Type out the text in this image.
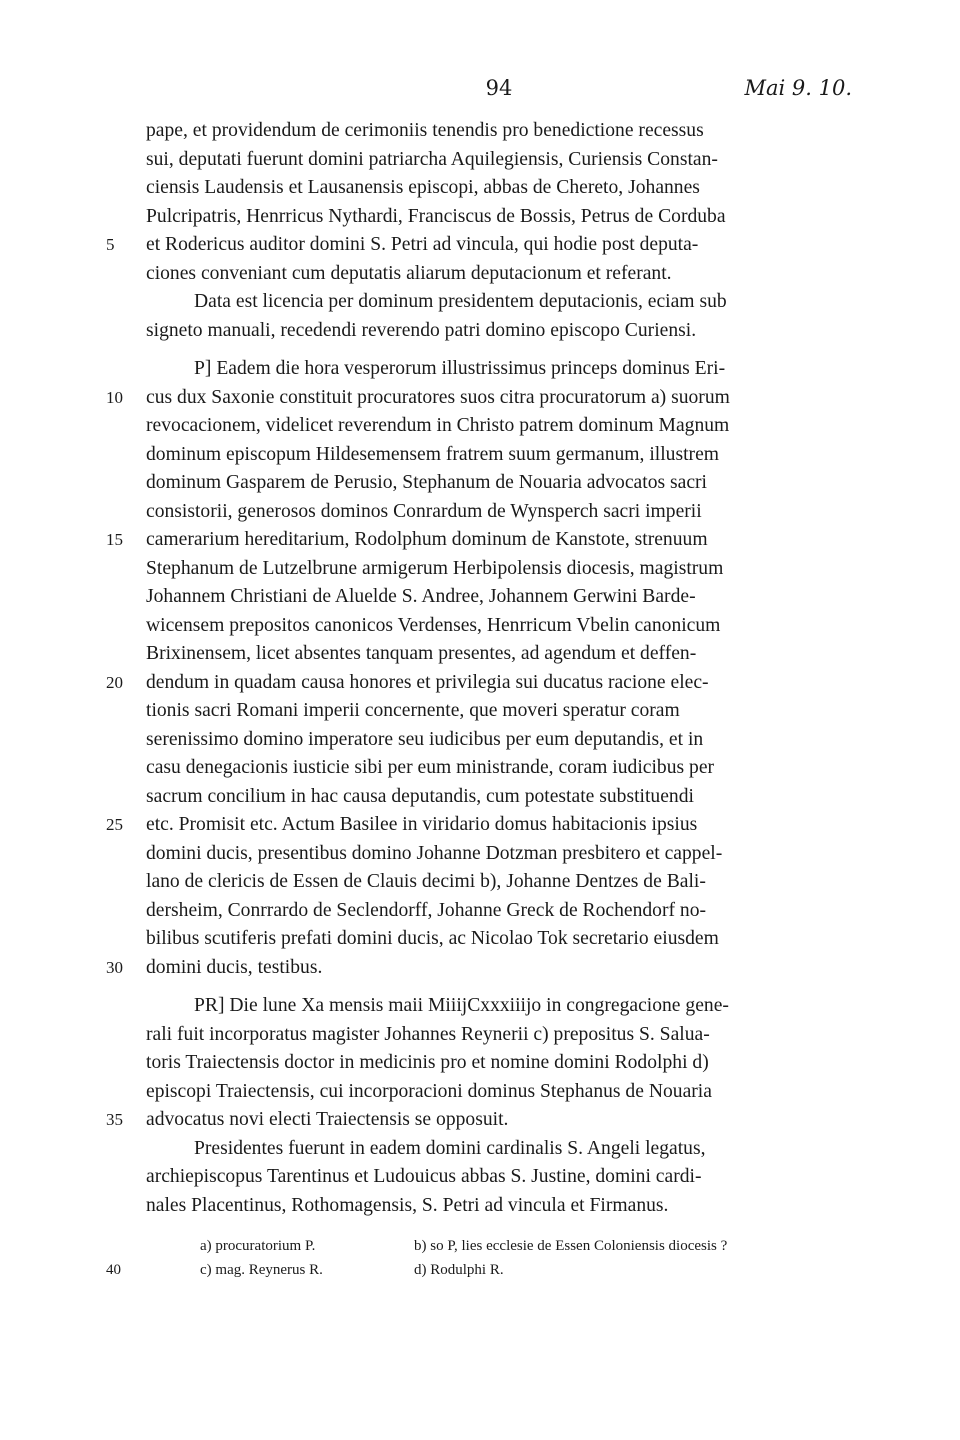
94	Mai 9. 10.
pape, et providendum de cerimoniis tenendis pro benedictione recessus
sui, deputati fuerunt domini patriarcha Aquilegiensis, Curiensis Constan-
ciensis Laudensis et Lausanensis episcopi, abbas de Chereto, Johannes
Pulcripatris, Henrricus Nythardi, Franciscus de Bossis, Petrus de Corduba
5	et Rodericus auditor domini S. Petri ad vincula, qui hodie post deputa-
ciones conveniant cum deputatis aliarum deputacionum et referant.
Data est licencia per dominum presidentem deputacionis, eciam sub
signeto manuali, recedendi reverendo patri domino episcopo Curiensi.
P] Eadem die hora vesperorum illustrissimus princeps dominus Eri-
10	cus dux Saxonie constituit procuratores suos citra procuratorum a) suorum
revocacionem, videlicet reverendum in Christo patrem dominum Magnum
dominum episcopum Hildesemensem fratrem suum germanum, illustrem
dominum Gasparem de Perusio, Stephanum de Nouaria advocatos sacri
consistorii, generosos dominos Conrardum de Wynsperch sacri imperii
15	camerarium hereditarium, Rodolphum dominum de Kanstote, strenuum
Stephanum de Lutzelbrune armigerum Herbipolensis diocesis, magistrum
Johannem Christiani de Aluelde S. Andree, Johannem Gerwini Barde-
wicensem prepositos canonicos Verdenses, Henrricum Vbelin canonicum
Brixinensem, licet absentes tanquam presentes, ad agendum et deffen-
20	dendum in quadam causa honores et privilegia sui ducatus racione elec-
tionis sacri Romani imperii concernente, que moveri speratur coram
serenissimo domino imperatore seu iudicibus per eum deputandis, et in
casu denegacionis iusticie sibi per eum ministrande, coram iudicibus per
sacrum concilium in hac causa deputandis, cum potestate substituendi
25	etc. Promisit etc. Actum Basilee in viridario domus habitacionis ipsius
domini ducis, presentibus domino Johanne Dotzman presbitero et cappel-
lano de clericis de Essen de Clauis decimi b), Johanne Dentzes de Bali-
dersheim, Conrrardo de Seclendorff, Johanne Greck de Rochendorf no-
bilibus scutiferis prefati domini ducis, ac Nicolao Tok secretario eiusdem
30	domini ducis, testibus.
PR] Die lune Xa mensis maii MiiijCxxxiiijo in congregacione gene-
rali fuit incorporatus magister Johannes Reynerii c) prepositus S. Salua-
toris Traiectensis doctor in medicinis pro et nomine domini Rodolphi d)
episcopi Traiectensis, cui incorporacioni dominus Stephanus de Nouaria
35	advocatus novi electi Traiectensis se opposuit.
Presidentes fuerunt in eadem domini cardinalis S. Angeli legatus,
archiepiscopus Tarentinus et Ludouicus abbas S. Justine, domini cardi-
nales Placentinus, Rothomagensis, S. Petri ad vincula et Firmanus.
a) procuratorium P.	b) so P, lies ecclesie de Essen Coloniensis diocesis ?
40	c) mag. Reynerus R.	d) Rodulphi R.
